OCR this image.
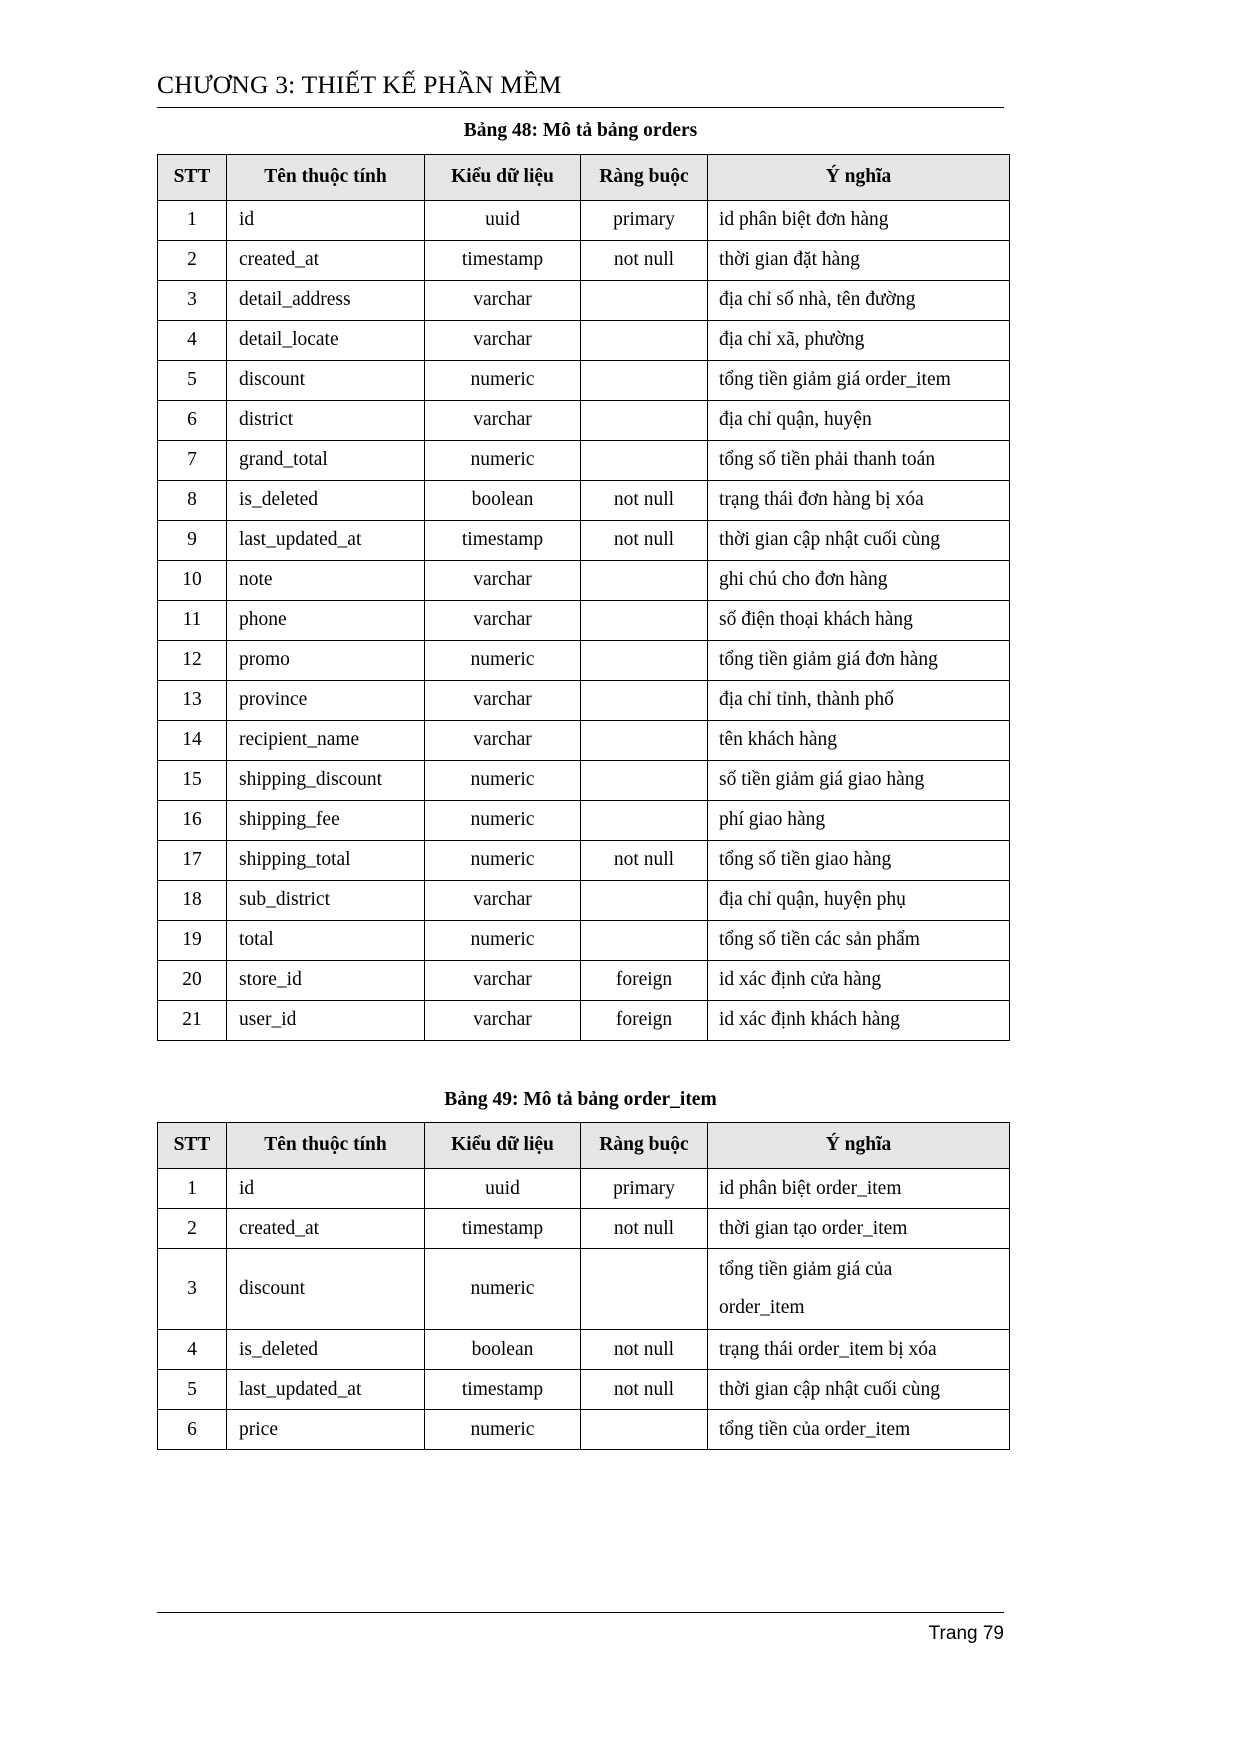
CHƯƠNG 3: THIẾT KẾ PHẦN MỀM
Bảng 48: Mô tả bảng orders
STT	Tên thuộc tính	Kiểu dữ liệu	Ràng buộc	Ý nghĩa
1	id	uuid	primary	id phân biệt đơn hàng
2	created_at	timestamp	not null	thời gian đặt hàng
3	detail_address	varchar		địa chỉ số nhà, tên đường
4	detail_locate	varchar		địa chỉ xã, phường
5	discount	numeric		tổng tiền giảm giá order_item
6	district	varchar		địa chỉ quận, huyện
7	grand_total	numeric		tổng số tiền phải thanh toán
8	is_deleted	boolean	not null	trạng thái đơn hàng bị xóa
9	last_updated_at	timestamp	not null	thời gian cập nhật cuối cùng
10	note	varchar		ghi chú cho đơn hàng
11	phone	varchar		số điện thoại khách hàng
12	promo	numeric		tổng tiền giảm giá đơn hàng
13	province	varchar		địa chỉ tỉnh, thành phố
14	recipient_name	varchar		tên khách hàng
15	shipping_discount	numeric		số tiền giảm giá giao hàng
16	shipping_fee	numeric		phí giao hàng
17	shipping_total	numeric	not null	tổng số tiền giao hàng
18	sub_district	varchar		địa chỉ quận, huyện phụ
19	total	numeric		tổng số tiền các sản phẩm
20	store_id	varchar	foreign	id xác định cửa hàng
21	user_id	varchar	foreign	id xác định khách hàng
Bảng 49: Mô tả bảng order_item
STT	Tên thuộc tính	Kiểu dữ liệu	Ràng buộc	Ý nghĩa
1	id	uuid	primary	id phân biệt order_item
2	created_at	timestamp	not null	thời gian tạo order_item
3	discount	numeric		tổng tiền giảm giá của
order_item

4	is_deleted	boolean	not null	trạng thái order_item bị xóa
5	last_updated_at	timestamp	not null	thời gian cập nhật cuối cùng
6	price	numeric		tổng tiền của order_item
Trang 79
